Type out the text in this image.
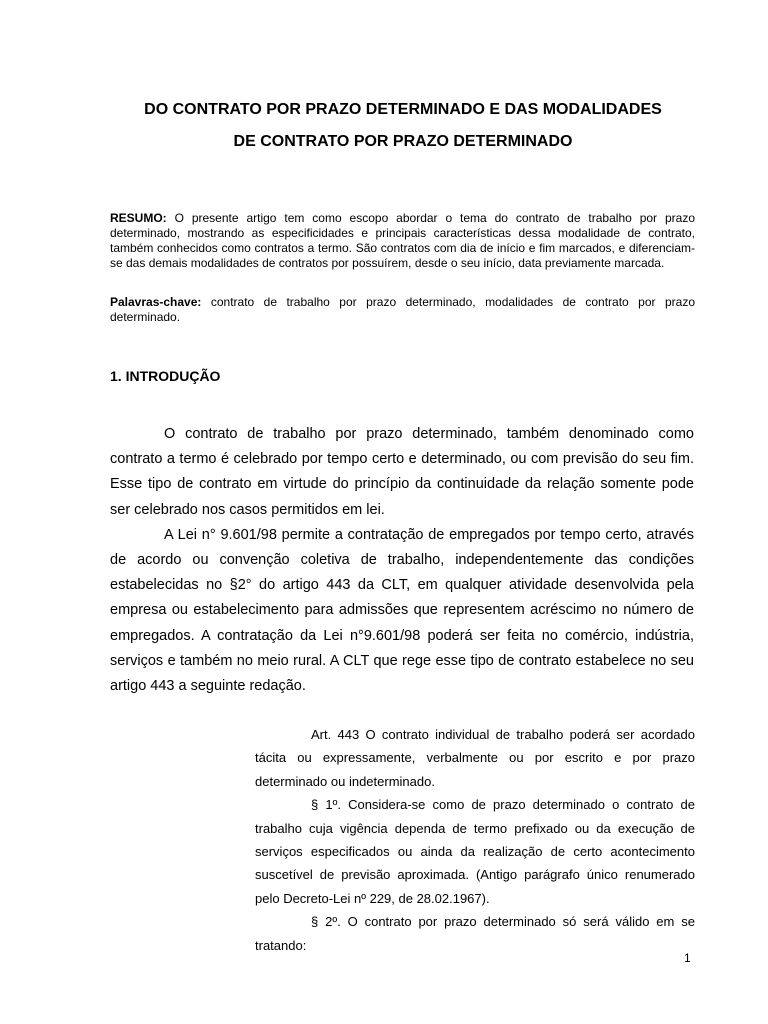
DO CONTRATO POR PRAZO DETERMINADO E DAS MODALIDADES
DE CONTRATO POR PRAZO DETERMINADO
RESUMO: O presente artigo tem como escopo abordar o tema do contrato de trabalho por prazo determinado, mostrando as especificidades e principais características dessa modalidade de contrato, também conhecidos como contratos a termo. São contratos com dia de início e fim marcados, e diferenciam-se das demais modalidades de contratos por possuírem, desde o seu início, data previamente marcada.
Palavras-chave: contrato de trabalho por prazo determinado, modalidades de contrato por prazo determinado.
1. INTRODUÇÃO

O contrato de trabalho por prazo determinado, também denominado como contrato a termo é celebrado por tempo certo e determinado, ou com previsão do seu fim. Esse tipo de contrato em virtude do princípio da continuidade da relação somente pode ser celebrado nos casos permitidos em lei.

A Lei n° 9.601/98 permite a contratação de empregados por tempo certo, através de acordo ou convenção coletiva de trabalho, independentemente das condições estabelecidas no §2° do artigo 443 da CLT, em qualquer atividade desenvolvida pela empresa ou estabelecimento para admissões que representem acréscimo no número de empregados. A contratação da Lei n°9.601/98 poderá ser feita no comércio, indústria, serviços e também no meio rural. A CLT que rege esse tipo de contrato estabelece no seu artigo 443 a seguinte redação.

Art. 443 O contrato individual de trabalho poderá ser acordado tácita ou expressamente, verbalmente ou por escrito e por prazo determinado ou indeterminado.

§ 1º. Considera-se como de prazo determinado o contrato de trabalho cuja vigência dependa de termo prefixado ou da execução de serviços especificados ou ainda da realização de certo acontecimento suscetível de previsão aproximada. (Antigo parágrafo único renumerado pelo Decreto-Lei nº 229, de 28.02.1967).

§ 2º. O contrato por prazo determinado só será válido em se tratando:

1
